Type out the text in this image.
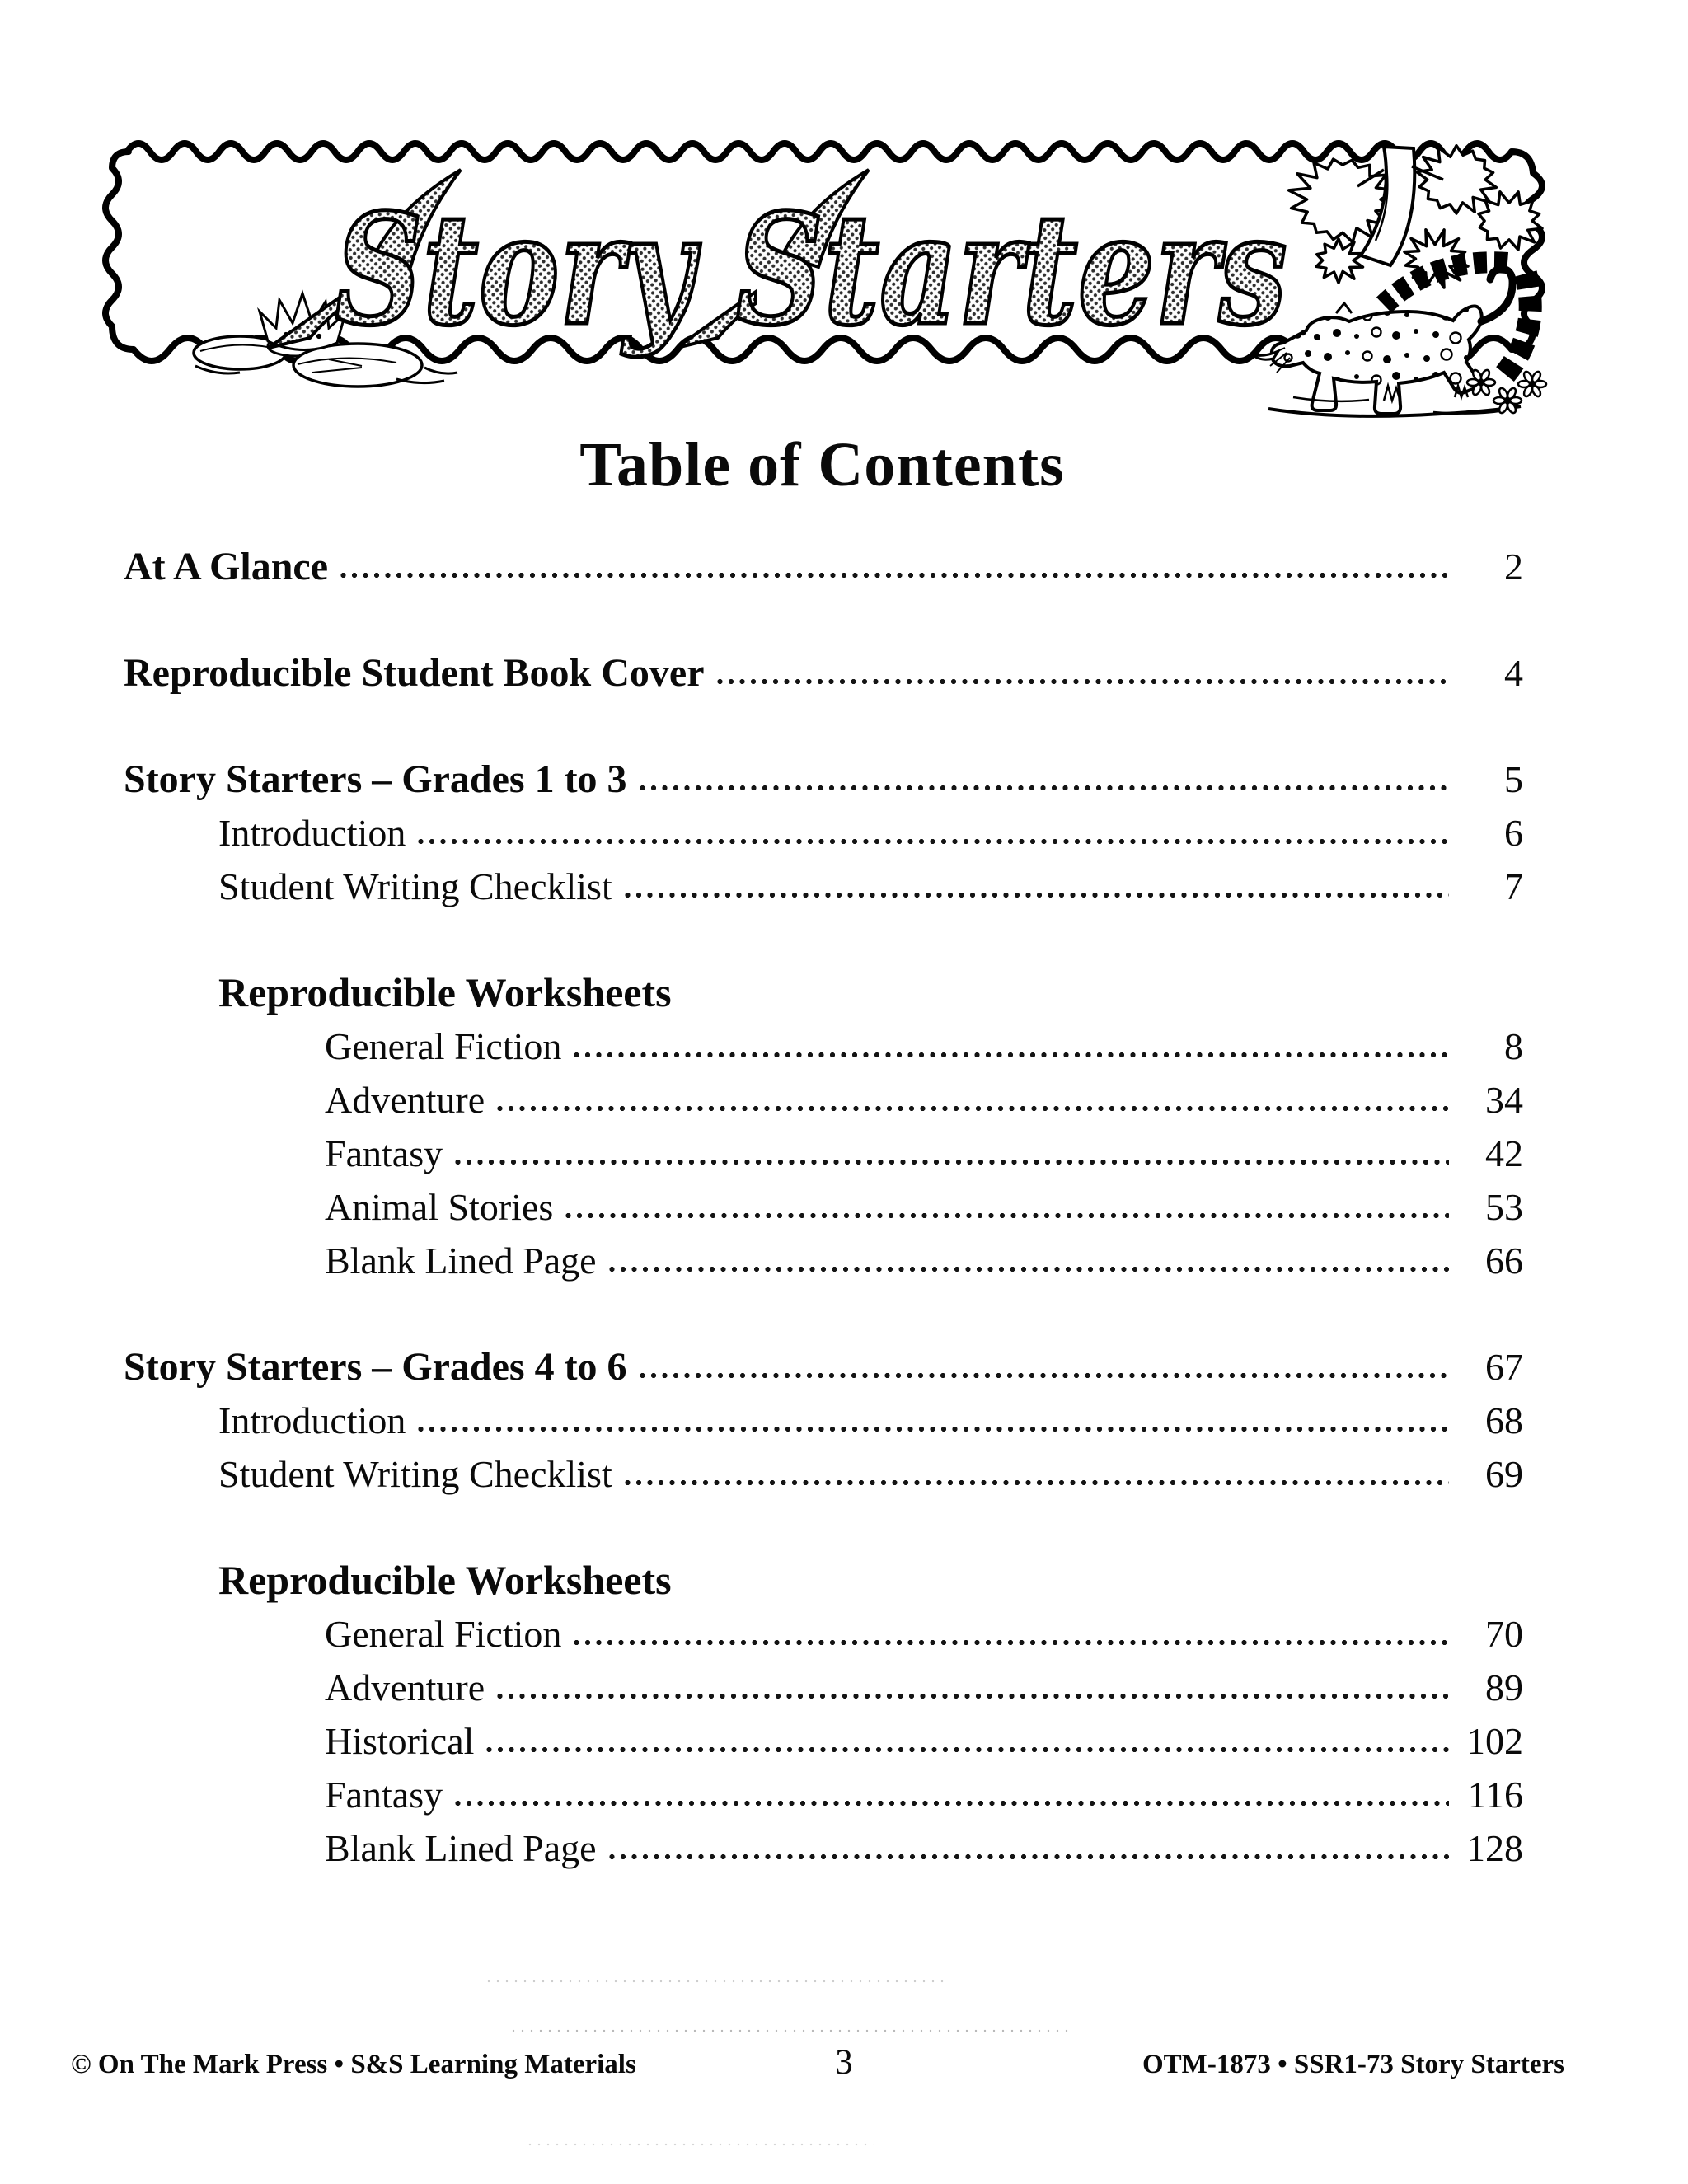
Story Starters
Table of Contents
At A Glance	2
Reproducible Student Book Cover	4
Story Starters – Grades 1 to 3	5
Introduction	6
Student Writing Checklist	7
Reproducible Worksheets
General Fiction	8
Adventure	34
Fantasy	42
Animal Stories	53
Blank Lined Page	66
Story Starters – Grades 4 to 6	67
Introduction	68
Student Writing Checklist	69
Reproducible Worksheets
General Fiction	70
Adventure	89
Historical	102
Fantasy	116
Blank Lined Page	128
© On The Mark Press • S&S Learning Materials	3	OTM-1873 • SSR1-73 Story Starters
